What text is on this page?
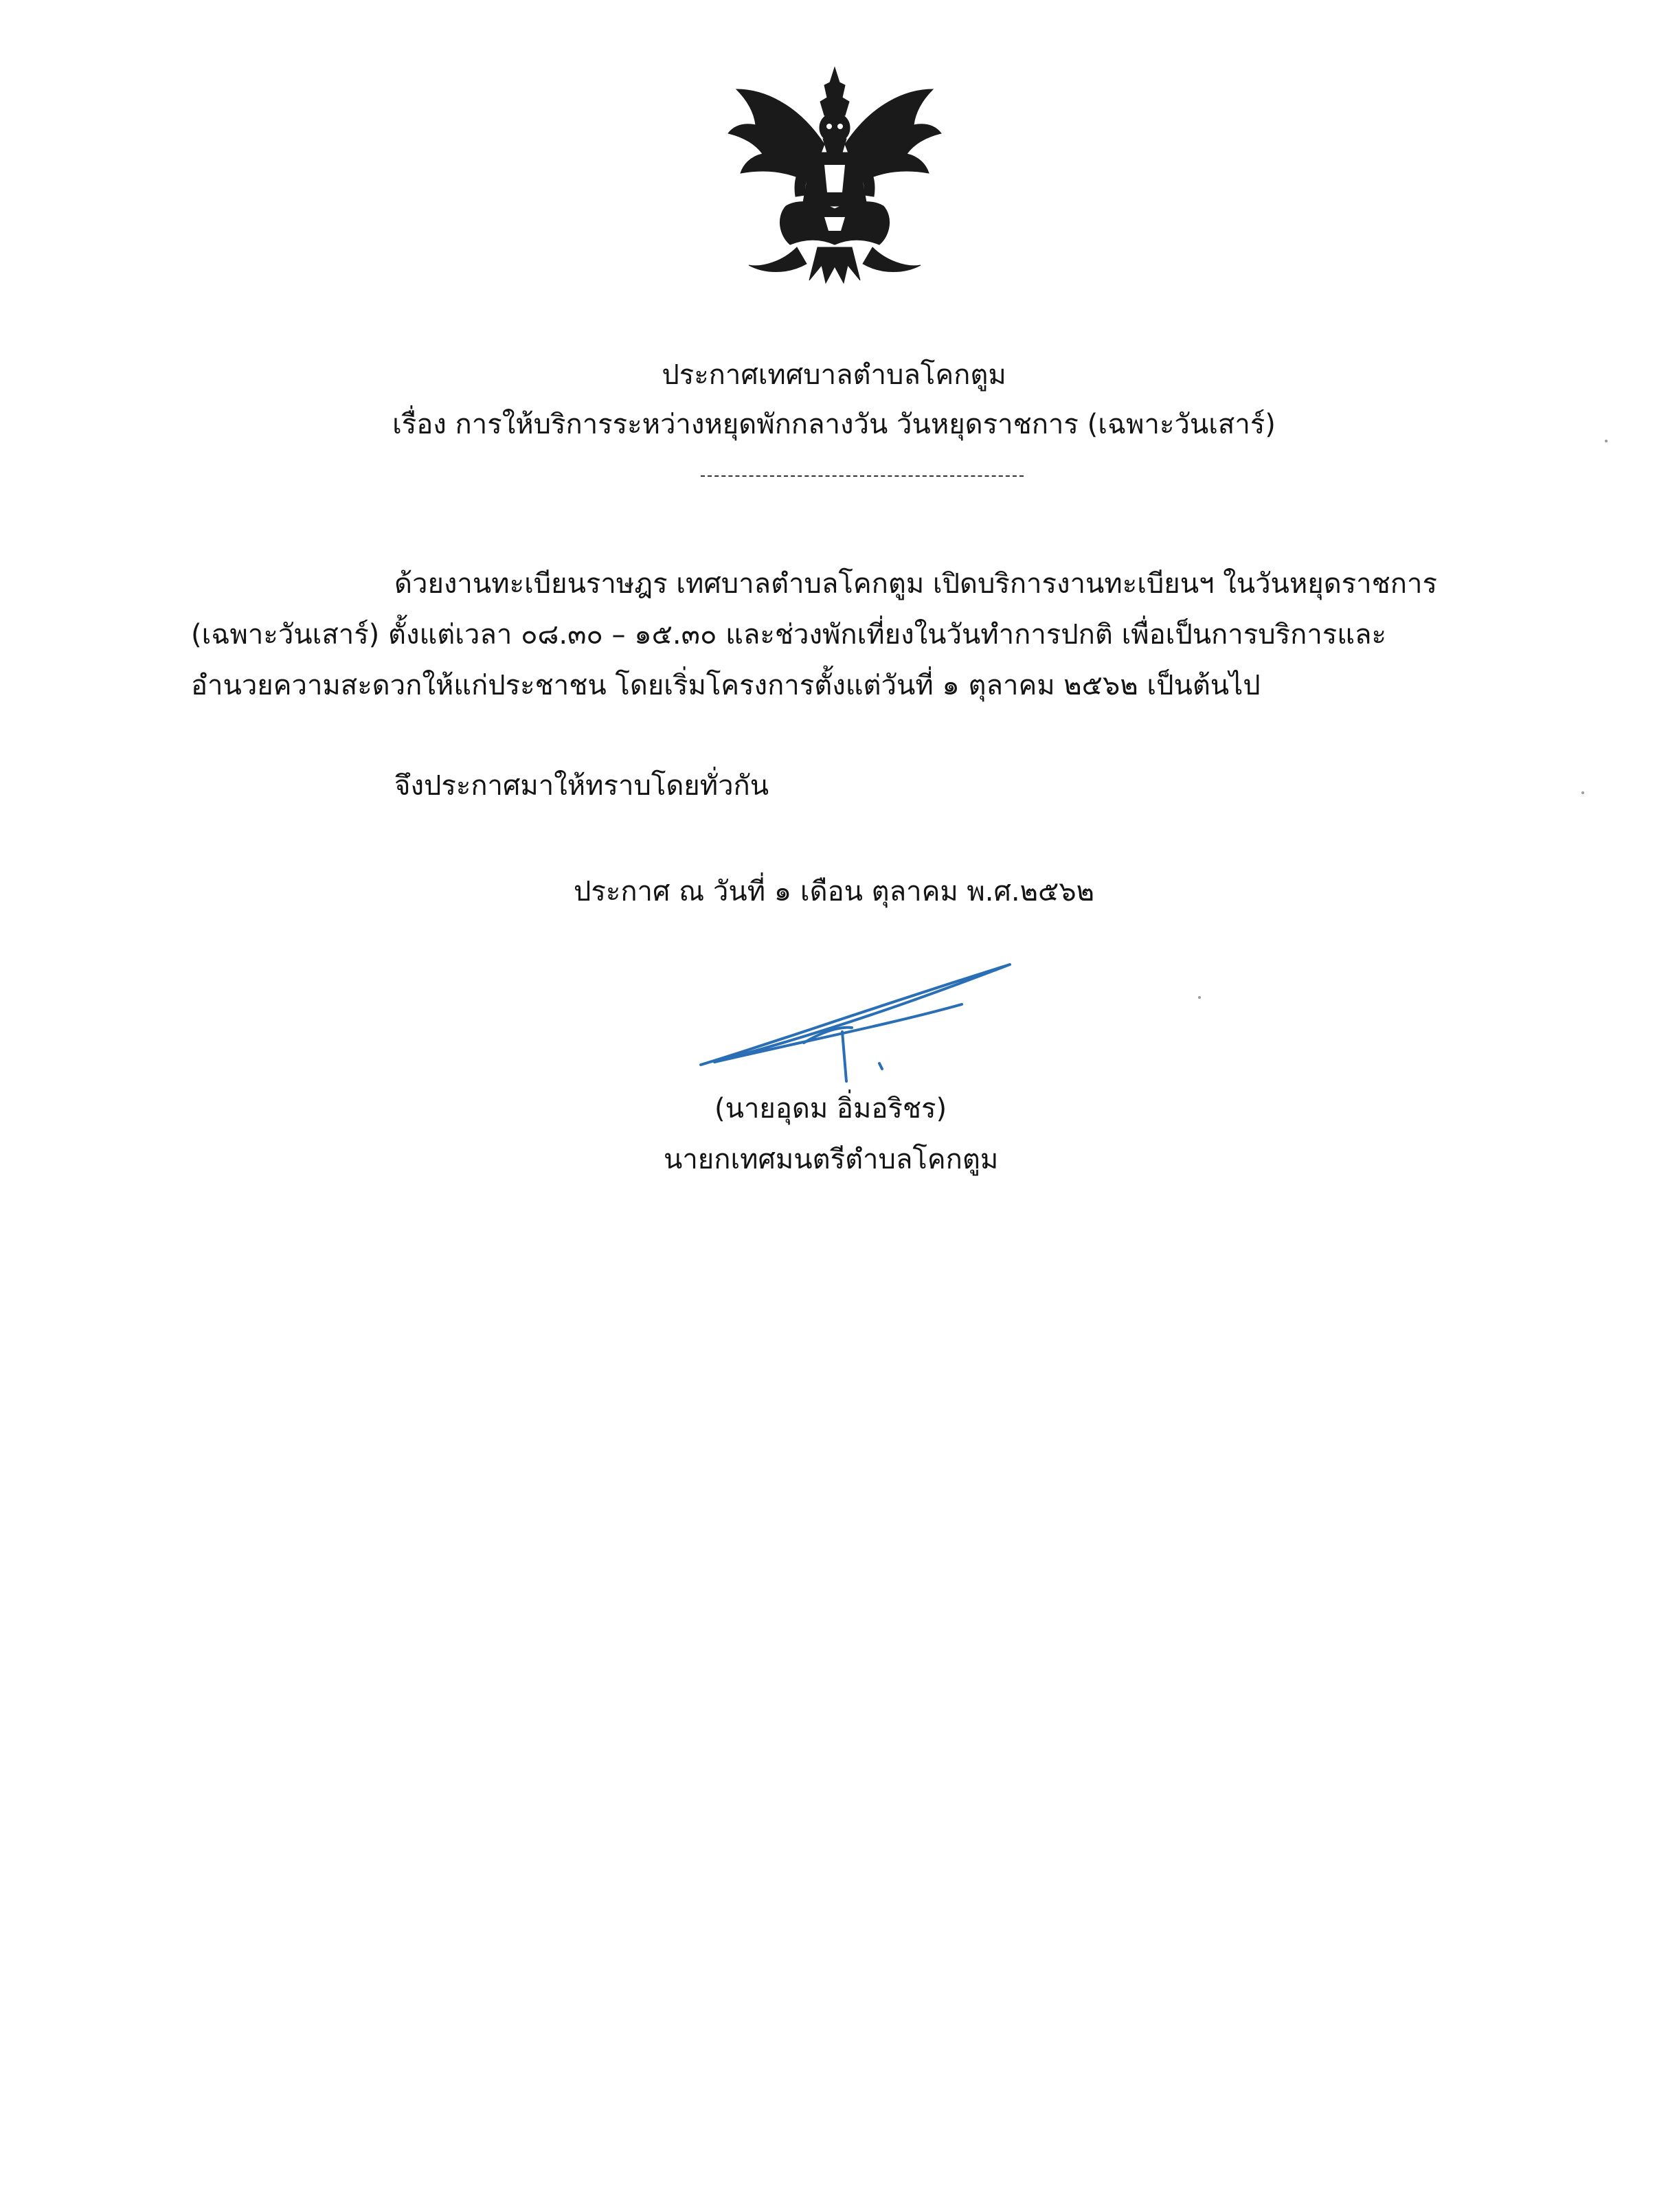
ประกาศเทศบาลตำบลโคกตูม
เรื่อง การให้บริการระหว่างหยุดพักกลางวัน วันหยุดราชการ (เฉพาะวันเสาร์)
ด้วยงานทะเบียนราษฎร เทศบาลตำบลโคกตูม เปิดบริการงานทะเบียนฯ ในวันหยุดราชการ
(เฉพาะวันเสาร์) ตั้งแต่เวลา ๐๘.๓๐ – ๑๕.๓๐ และช่วงพักเที่ยงในวันทำการปกติ เพื่อเป็นการบริการและ
อำนวยความสะดวกให้แก่ประชาชน โดยเริ่มโครงการตั้งแต่วันที่ ๑ ตุลาคม ๒๕๖๒ เป็นต้นไป
จึงประกาศมาให้ทราบโดยทั่วกัน
ประกาศ ณ วันที่ ๑ เดือน ตุลาคม พ.ศ.๒๕๖๒
(นายอุดม อิ่มอริชร)
นายกเทศมนตรีตำบลโคกตูม
